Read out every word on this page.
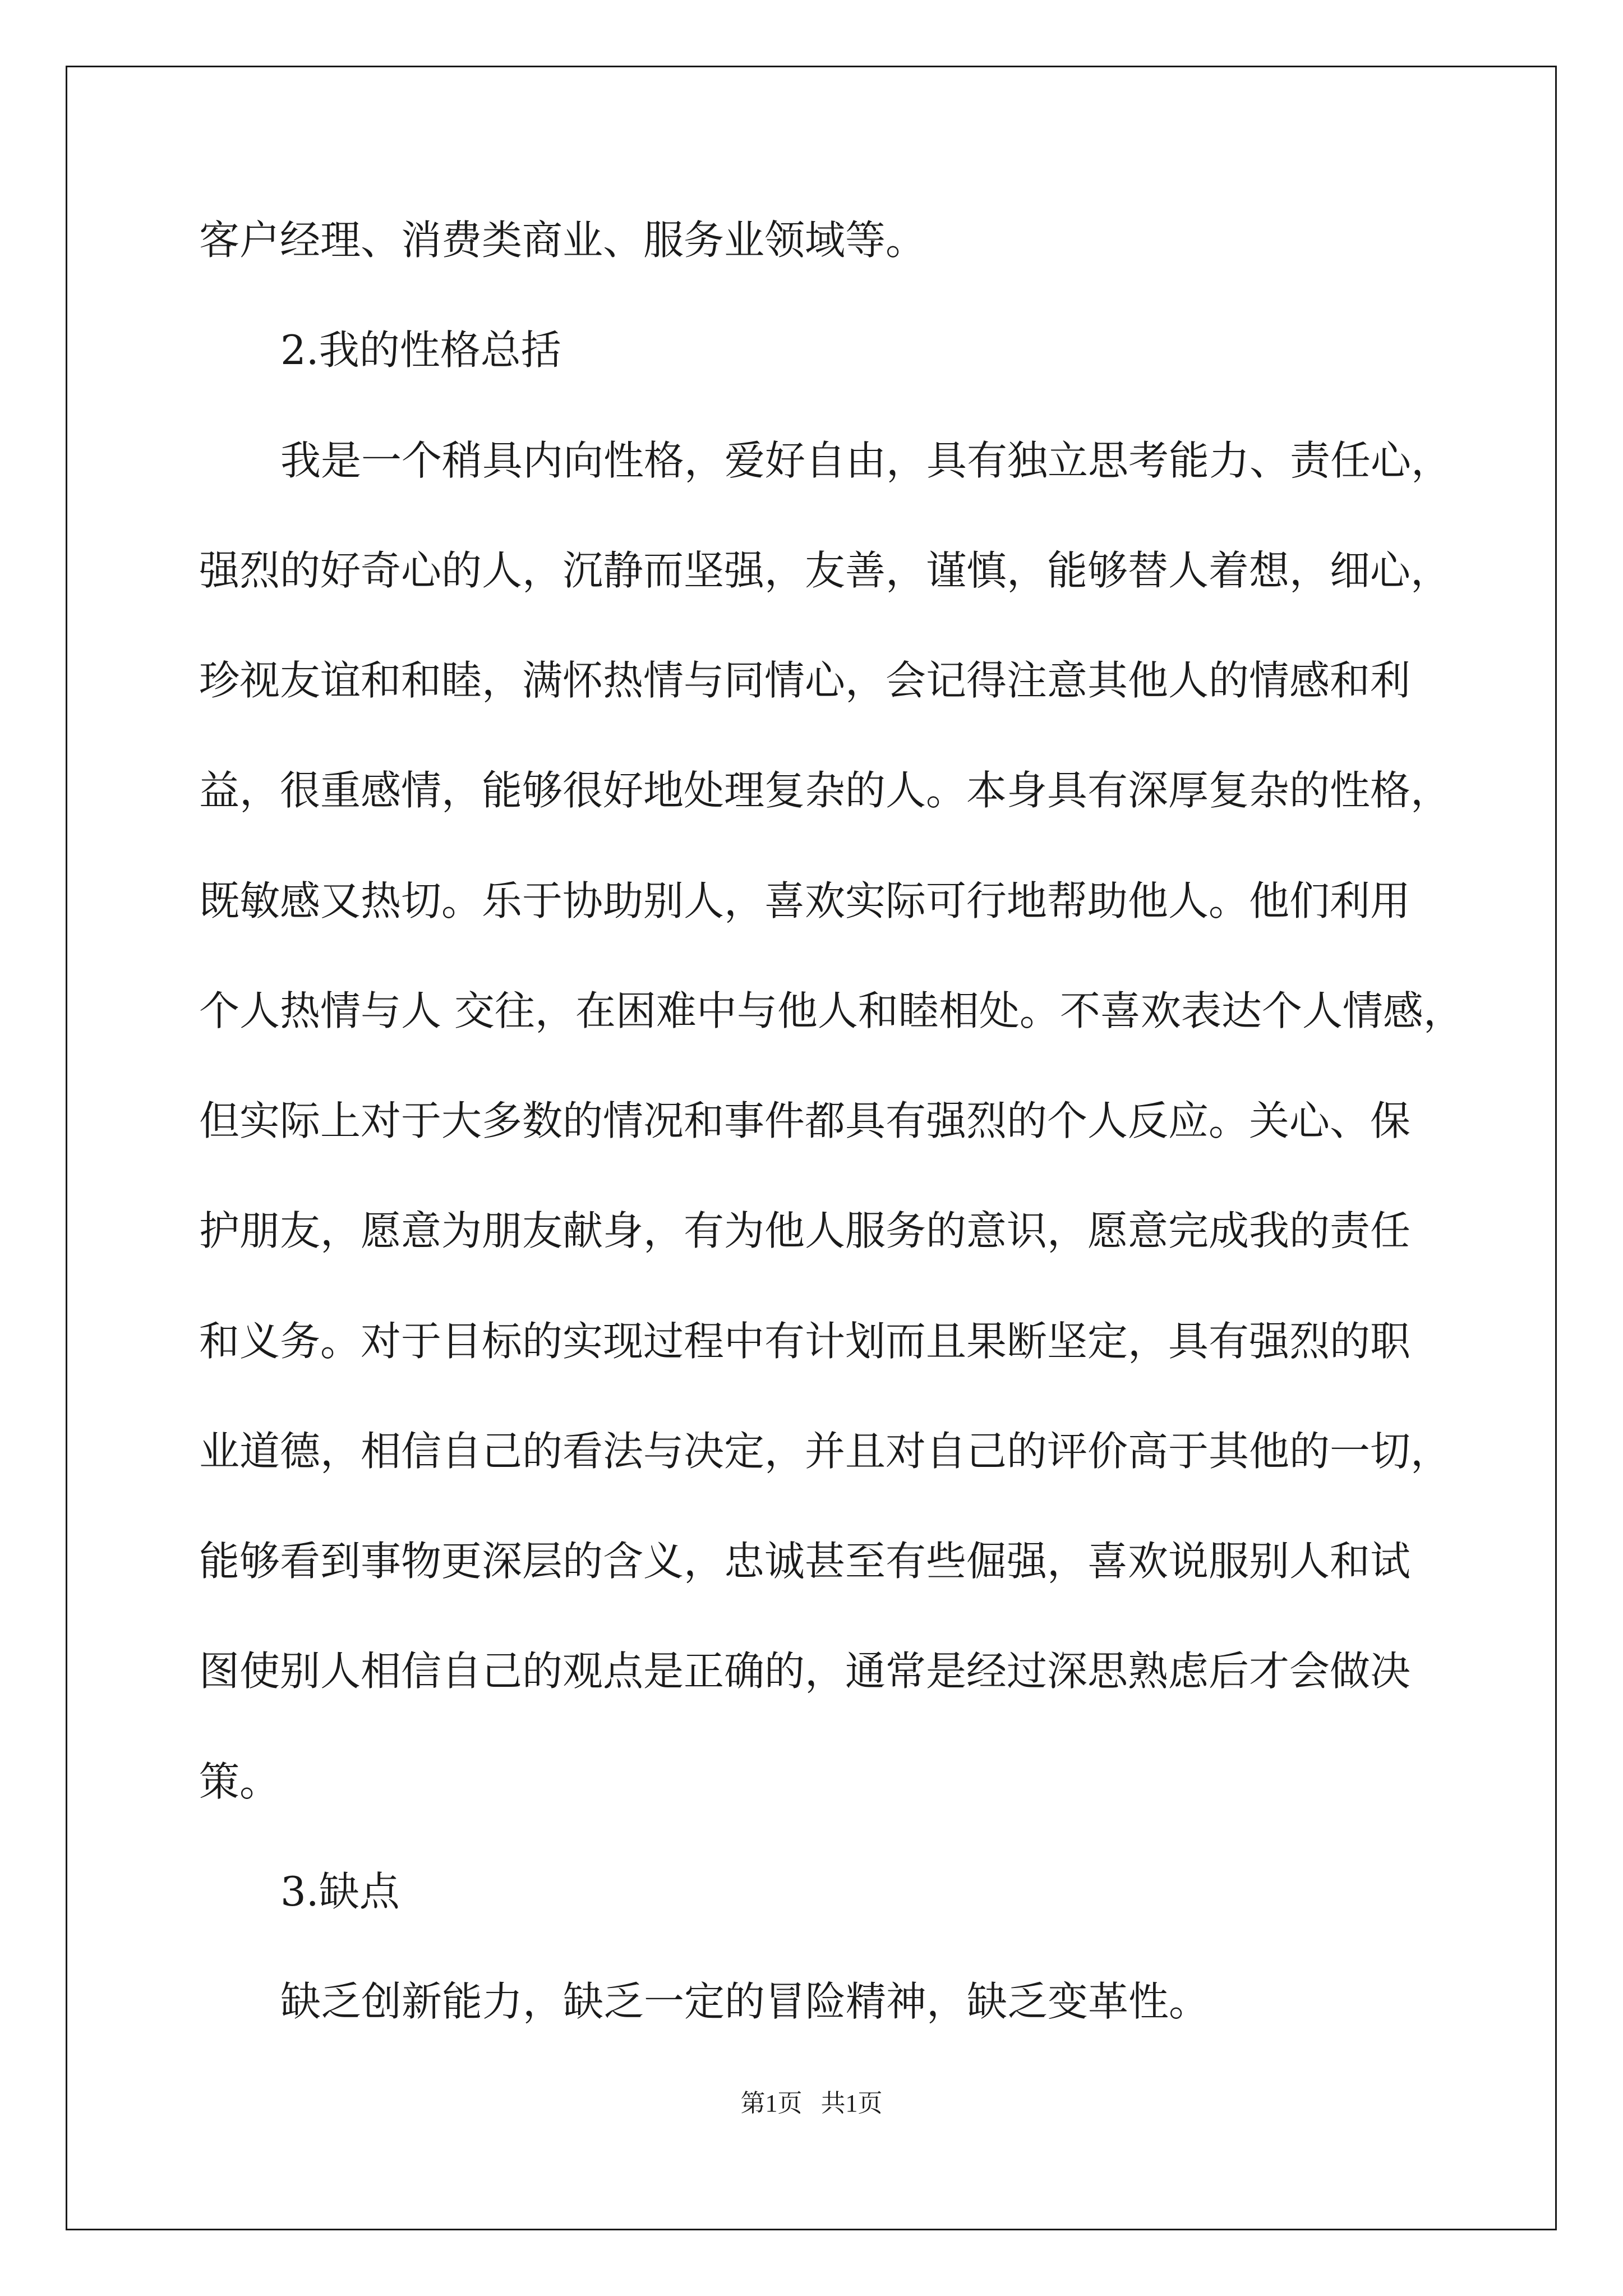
客户经理、消费类商业、服务业领域等。

2.我的性格总括

我是一个稍具内向性格，爱好自由，具有独立思考能力、责任心，

强烈的好奇心的人，沉静而坚强，友善，谨慎，能够替人着想，细心，

珍视友谊和和睦，满怀热情与同情心，会记得注意其他人的情感和利

益，很重感情，能够很好地处理复杂的人。本身具有深厚复杂的性格，

既敏感又热切。乐于协助别人，喜欢实际可行地帮助他人。他们利用

个人热情与人 交往，在困难中与他人和睦相处。不喜欢表达个人情感，

但实际上对于大多数的情况和事件都具有强烈的个人反应。关心、保

护朋友，愿意为朋友献身，有为他人服务的意识，愿意完成我的责任

和义务。对于目标的实现过程中有计划而且果断坚定，具有强烈的职

业道德，相信自己的看法与决定，并且对自己的评价高于其他的一切，

能够看到事物更深层的含义，忠诚甚至有些倔强，喜欢说服别人和试

图使别人相信自己的观点是正确的，通常是经过深思熟虑后才会做决

策。

3.缺点

缺乏创新能力，缺乏一定的冒险精神，缺乏变革性。

第1页   共1页
